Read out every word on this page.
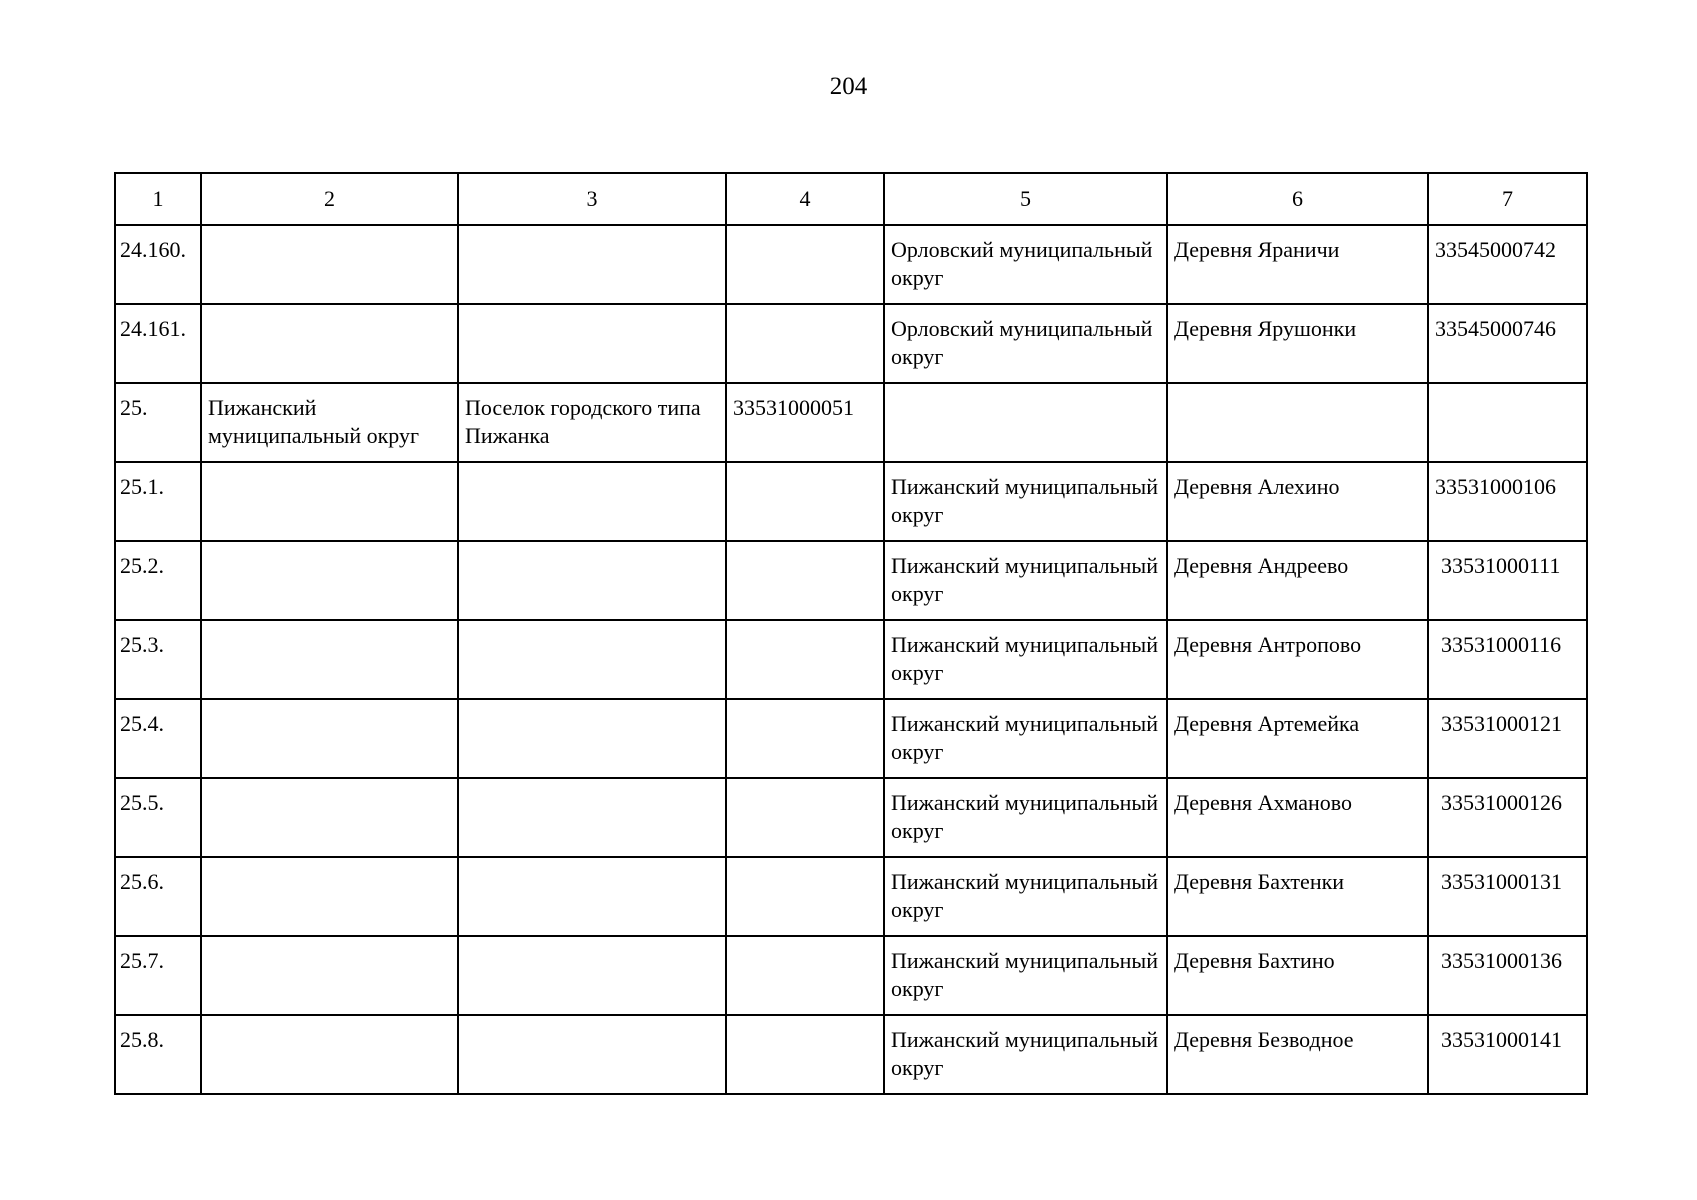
204
1	2	3	4	5	6	7
24.160.				Орловский муниципальный округ	Деревня Яраничи	33545000742
24.161.				Орловский муниципальный округ	Деревня Ярушонки	33545000746
25.	Пижанский муниципальный округ	Поселок городского типа Пижанка	33531000051			
25.1.				Пижанский муниципальный округ	Деревня Алехино	33531000106
25.2.				Пижанский муниципальный округ	Деревня Андреево	33531000111
25.3.				Пижанский муниципальный округ	Деревня Антропово	33531000116
25.4.				Пижанский муниципальный округ	Деревня Артемейка	33531000121
25.5.				Пижанский муниципальный округ	Деревня Ахманово	33531000126
25.6.				Пижанский муниципальный округ	Деревня Бахтенки	33531000131
25.7.				Пижанский муниципальный округ	Деревня Бахтино	33531000136
25.8.				Пижанский муниципальный округ	Деревня Безводное	33531000141
